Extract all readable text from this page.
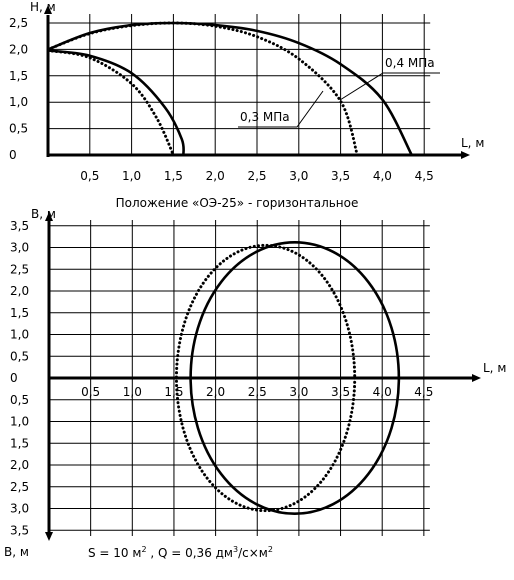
2,5
2,0
1,5
1,0
0,5
0
0,5 1,0 1,5 2,0 2,5 3,0 3,5 4,0 4,5
H, м
L, м
0,4 МПа
0,3 МПа
Положение «ОЭ-25» - горизонтальное
3,5
3,0
2,5
2,0
1,5
1,0
0,5
0
0,5
1,0
1,5
2,0
2,5
3,0
3,5
0,5 1,0 1,5 2,0 2,5 3,0 3,5 4,0 4,5
B, м
L, м
B, м	S = 10 $м^2$ , Q = 0,36 $дм^3/с\times м^2$
